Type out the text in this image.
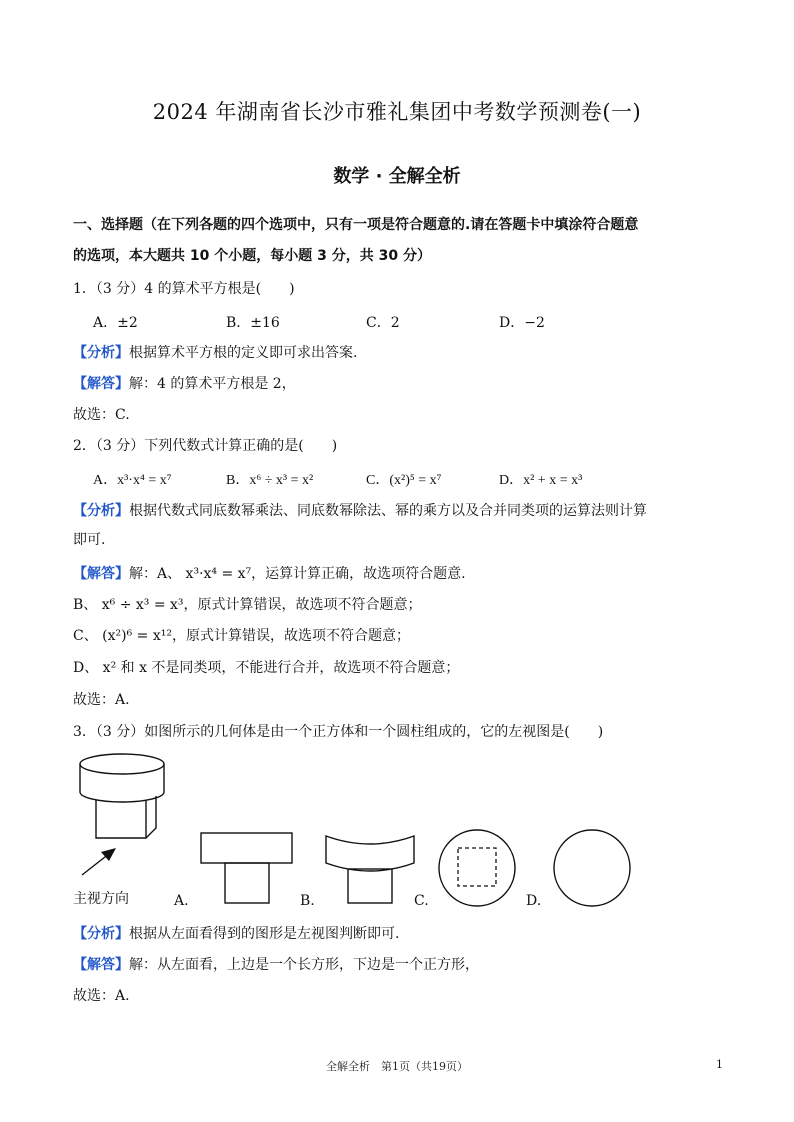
2024 年湖南省长沙市雅礼集团中考数学预测卷(一)
数学 · 全解全析
一、选择题（在下列各题的四个选项中，只有一项是符合题意的.请在答题卡中填涂符合题意
的选项，本大题共 10 个小题，每小题 3 分，共 30 分）
1．（3 分）4 的算术平方根是(　　)
A．±2	B．±16	C．2	D．−2
【分析】根据算术平方根的定义即可求出答案.
【解答】解：4 的算术平方根是 2，
故选：C.
2．（3 分）下列代数式计算正确的是(　　)
A．x³·x⁴ = x⁷	B．x⁶ ÷ x³ = x²	C．(x²)⁵ = x⁷	D．x² + x = x³
【分析】根据代数式同底数幂乘法、同底数幂除法、幂的乘方以及合并同类项的运算法则计算
即可.
【解答】解：A、 x³·x⁴ = x⁷，运算计算正确，故选项符合题意.
B、 x⁶ ÷ x³ = x³，原式计算错误，故选项不符合题意；
C、 (x²)⁶ = x¹²，原式计算错误，故选项不符合题意；
D、 x² 和 x 不是同类项，不能进行合并，故选项不符合题意；
故选：A.
3．（3 分）如图所示的几何体是由一个正方体和一个圆柱组成的，它的左视图是(　　)
主视方向	A.	B.	C.	D.
【分析】根据从左面看得到的图形是左视图判断即可.
【解答】解：从左面看，上边是一个长方形，下边是一个正方形，
故选：A.
全解全析　第1页（共19页）	1
